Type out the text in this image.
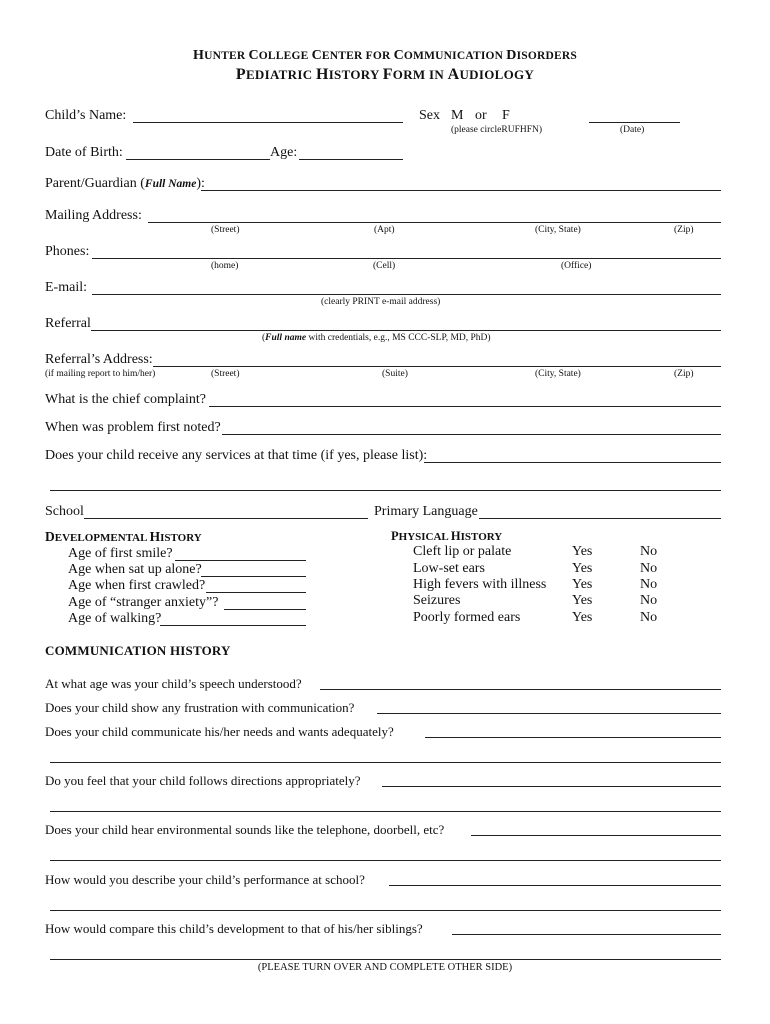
HUNTER COLLEGE CENTER FOR COMMUNICATION DISORDERS
PEDIATRIC HISTORY FORM IN AUDIOLOGY
Child’s Name:	Sex M or F
(please circleRUFHFN)	(Date)
Date of Birth:	Age:
Parent/Guardian (Full Name):
Mailing Address:
(Street)	(Apt)	(City, State)	(Zip)
Phones:
(home)	(Cell)	(Office)
E-mail:
(clearly PRINT e-mail address)
Referral
(Full name with credentials, e.g., MS CCC-SLP, MD, PhD)
Referral’s Address:
(if mailing report to him/her)	(Street)	(Suite)	(City, State)	(Zip)
What is the chief complaint?
When was problem first noted?
Does your child receive any services at that time (if yes, please list):
School	Primary Language
DEVELOPMENTAL HISTORY
Age of first smile?
Age when sat up alone?
Age when first crawled?
Age of “stranger anxiety”?
Age of walking?
PHYSICAL HISTORY
Cleft lip or palate	Yes	No
Low-set ears	Yes	No
High fevers with illness Yes	No
Seizures	Yes	No
Poorly formed ears	Yes	No
COMMUNICATION HISTORY
At what age was your child’s speech understood?
Does your child show any frustration with communication?
Does your child communicate his/her needs and wants adequately?
Do you feel that your child follows directions appropriately?
Does your child hear environmental sounds like the telephone, doorbell, etc?
How would you describe your child’s performance at school?
How would compare this child’s development to that of his/her siblings?
(PLEASE TURN OVER AND COMPLETE OTHER SIDE)
